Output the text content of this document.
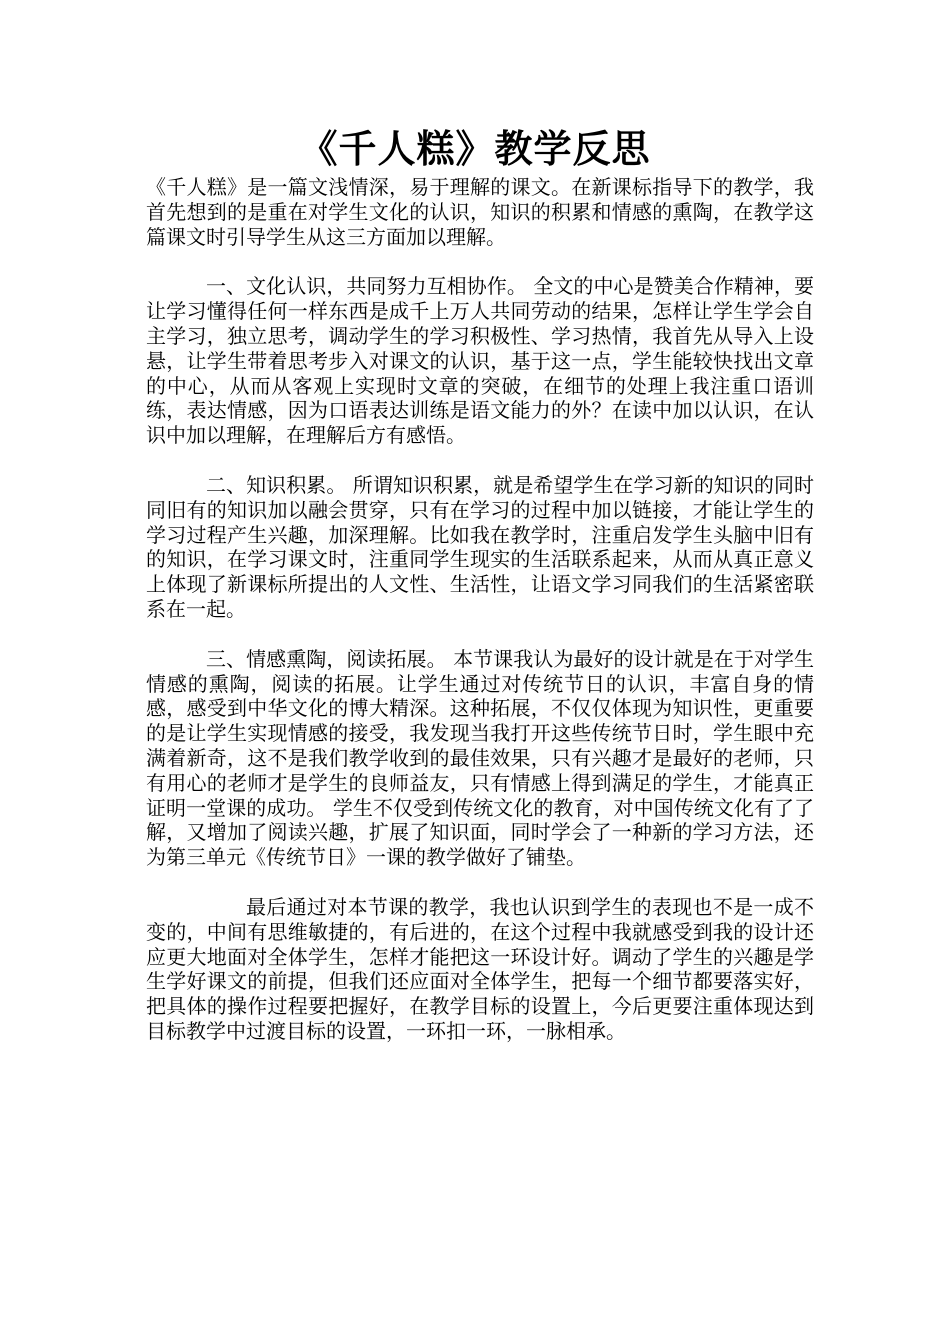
《千人糕》教学反思

《千人糕》是一篇文浅情深，易于理解的课文。在新课标指导下的教学，我首先想到的是重在对学生文化的认识，知识的积累和情感的熏陶，在教学这篇课文时引导学生从这三方面加以理解。

一、文化认识，共同努力互相协作。 全文的中心是赞美合作精神，要让学习懂得任何一样东西是成千上万人共同劳动的结果，怎样让学生学会自主学习，独立思考，调动学生的学习积极性、学习热情，我首先从导入上设悬，让学生带着思考步入对课文的认识，基于这一点，学生能较快找出文章的中心，从而从客观上实现时文章的突破，在细节的处理上我注重口语训练，表达情感，因为口语表达训练是语文能力的外？在读中加以认识，在认识中加以理解，在理解后方有感悟。

二、知识积累。 所谓知识积累，就是希望学生在学习新的知识的同时同旧有的知识加以融会贯穿，只有在学习的过程中加以链接，才能让学生的学习过程产生兴趣，加深理解。比如我在教学时，注重启发学生头脑中旧有的知识，在学习课文时，注重同学生现实的生活联系起来，从而从真正意义上体现了新课标所提出的人文性、生活性，让语文学习同我们的生活紧密联系在一起。

三、情感熏陶，阅读拓展。 本节课我认为最好的设计就是在于对学生情感的熏陶，阅读的拓展。让学生通过对传统节日的认识，丰富自身的情感，感受到中华文化的博大精深。这种拓展，不仅仅体现为知识性，更重要的是让学生实现情感的接受，我发现当我打开这些传统节日时，学生眼中充满着新奇，这不是我们教学收到的最佳效果，只有兴趣才是最好的老师，只有用心的老师才是学生的良师益友，只有情感上得到满足的学生，才能真正证明一堂课的成功。 学生不仅受到传统文化的教育，对中国传统文化有了了解，又增加了阅读兴趣，扩展了知识面，同时学会了一种新的学习方法，还为第三单元《传统节日》一课的教学做好了铺垫。

最后通过对本节课的教学，我也认识到学生的表现也不是一成不变的，中间有思维敏捷的，有后进的，在这个过程中我就感受到我的设计还应更大地面对全体学生，怎样才能把这一环设计好。调动了学生的兴趣是学生学好课文的前提，但我们还应面对全体学生，把每一个细节都要落实好，把具体的操作过程要把握好，在教学目标的设置上，今后更要注重体现达到目标教学中过渡目标的设置，一环扣一环，一脉相承。
